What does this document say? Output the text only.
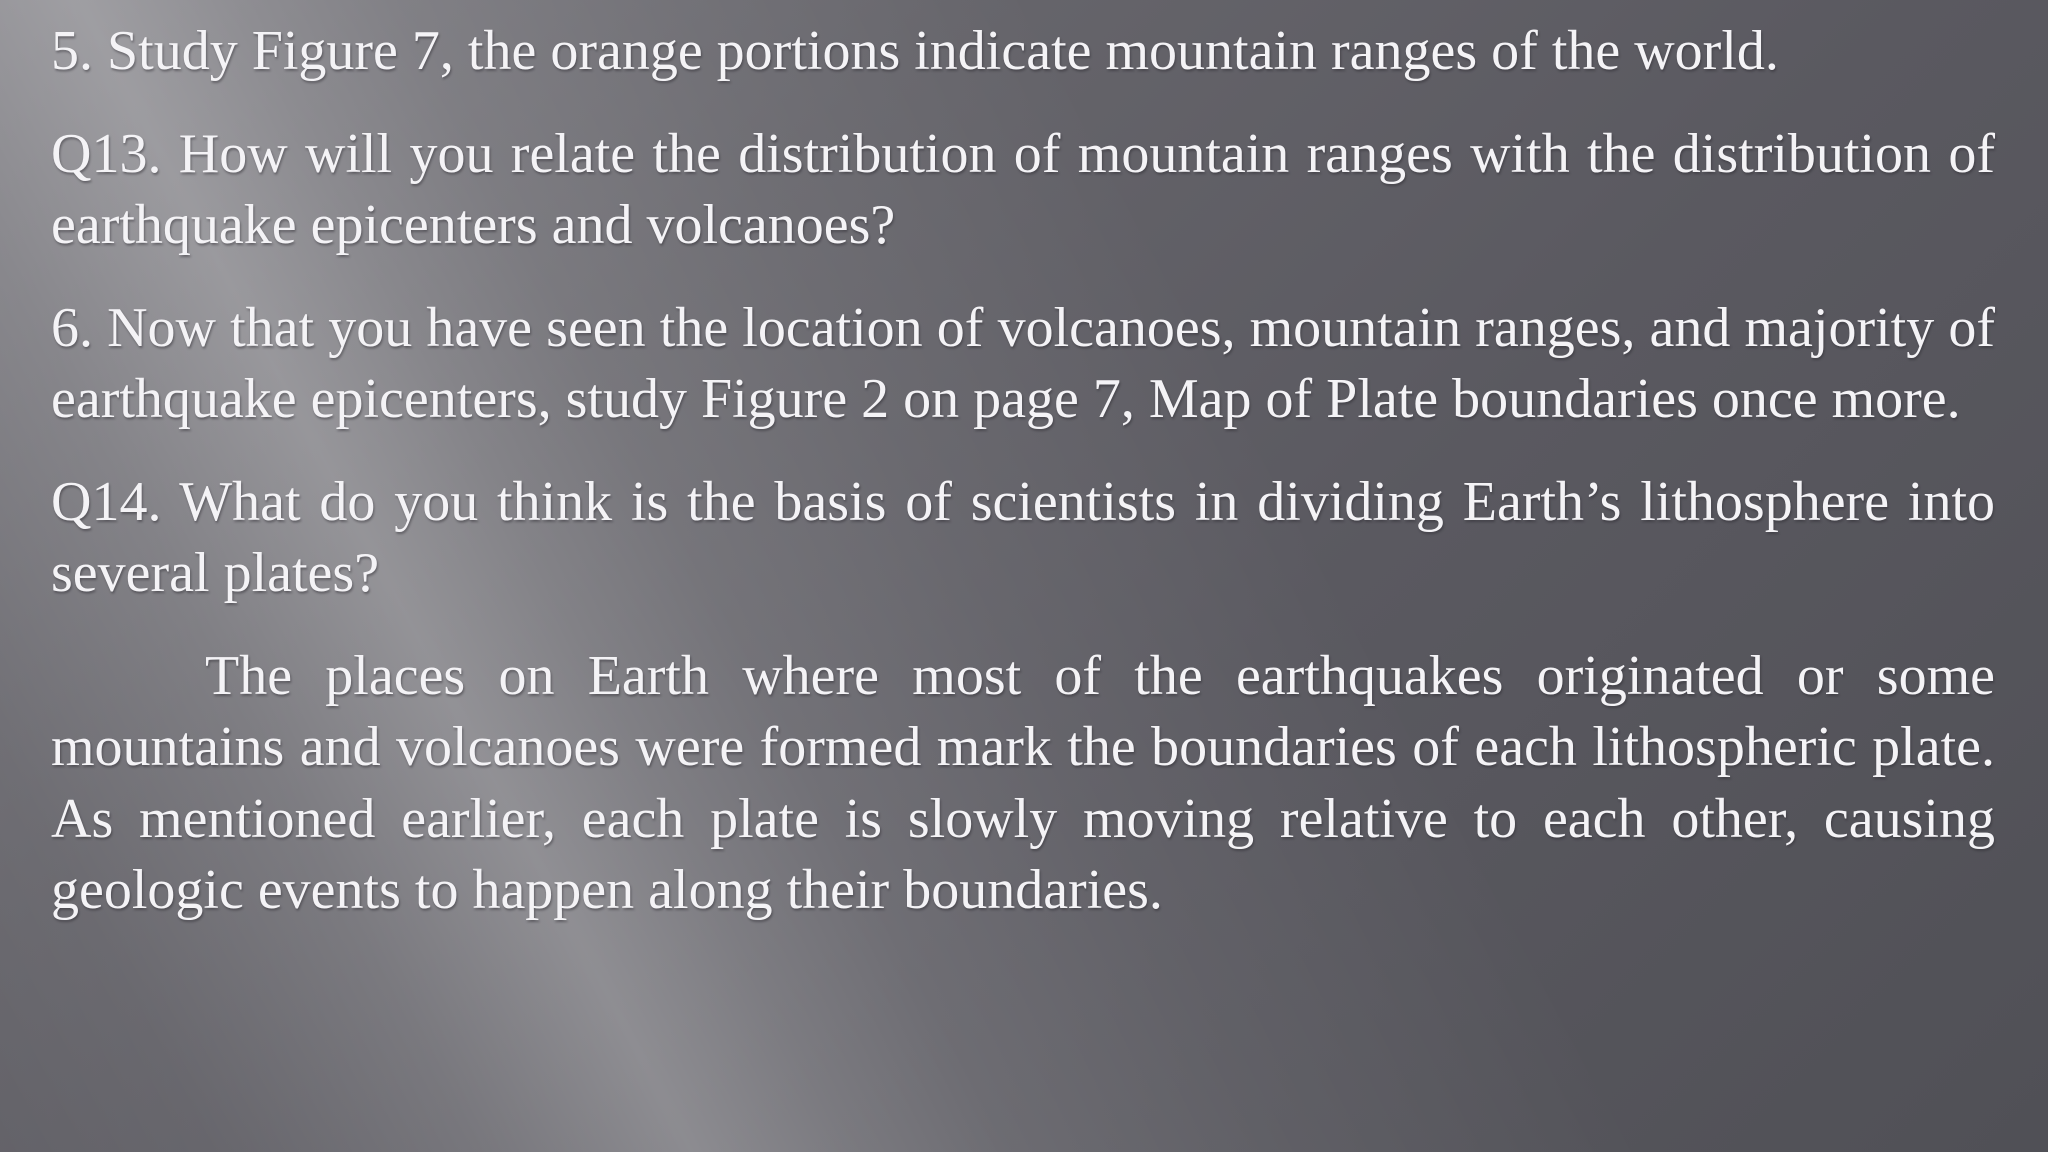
5. Study Figure 7, the orange portions indicate mountain ranges of the world.

Q13. How will you relate the distribution of mountain ranges with the distribution of earthquake epicenters and volcanoes?

6. Now that you have seen the location of volcanoes, mountain ranges, and majority of earthquake epicenters, study Figure 2 on page 7, Map of Plate boundaries once more.

Q14. What do you think is the basis of scientists in dividing Earth’s lithosphere into several plates?

The places on Earth where most of the earthquakes originated or some mountains and volcanoes were formed mark the boundaries of each lithospheric plate. As mentioned earlier, each plate is slowly moving relative to each other, causing geologic events to happen along their boundaries.
